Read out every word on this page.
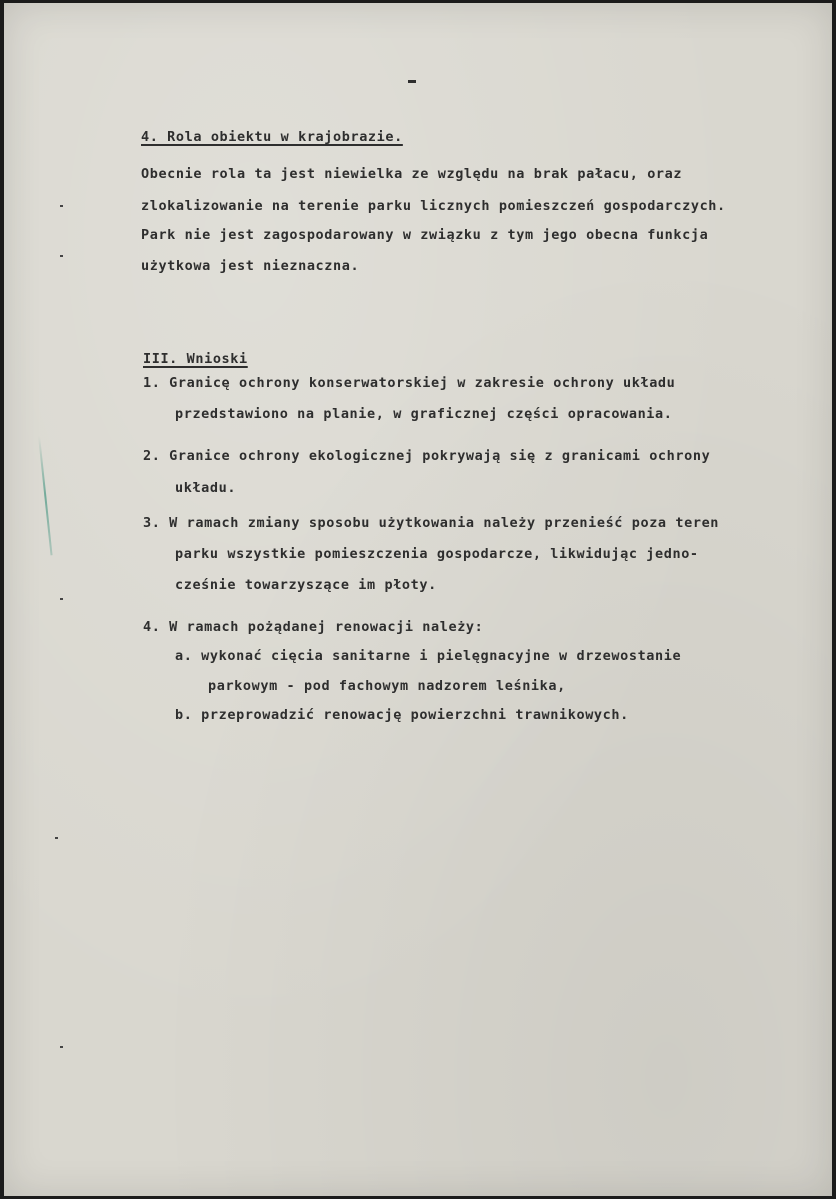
4. Rola obiektu w krajobrazie.
Obecnie rola ta jest niewielka ze względu na brak pałacu, oraz
zlokalizowanie na terenie parku licznych pomieszczeń gospodarczych.
Park nie jest zagospodarowany w związku z tym jego obecna funkcja
użytkowa jest nieznaczna.
III. Wnioski
1. Granicę ochrony konserwatorskiej w zakresie ochrony układu
przedstawiono na planie, w graficznej części opracowania.
2. Granice ochrony ekologicznej pokrywają się z granicami ochrony
układu.
3. W ramach zmiany sposobu użytkowania należy przenieść poza teren
parku wszystkie pomieszczenia gospodarcze, likwidując jedno-
cześnie towarzyszące im płoty.
4. W ramach pożądanej renowacji należy:
a. wykonać cięcia sanitarne i pielęgnacyjne w drzewostanie
parkowym - pod fachowym nadzorem leśnika,
b. przeprowadzić renowację powierzchni trawnikowych.
